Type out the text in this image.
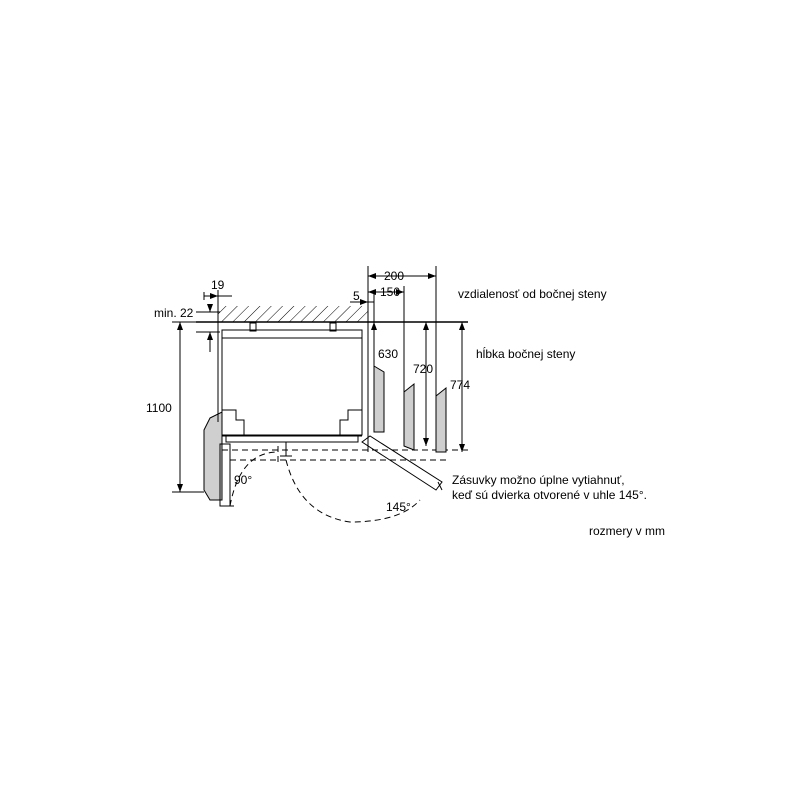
19
min. 22
1100
200
150
5
630
720
774
90°
145°
vzdialenosť od bočnej steny
hĺbka bočnej steny
Zásuvky možno úplne vytiahnuť,
keď sú dvierka otvorené v uhle 145°.
rozmery v mm
